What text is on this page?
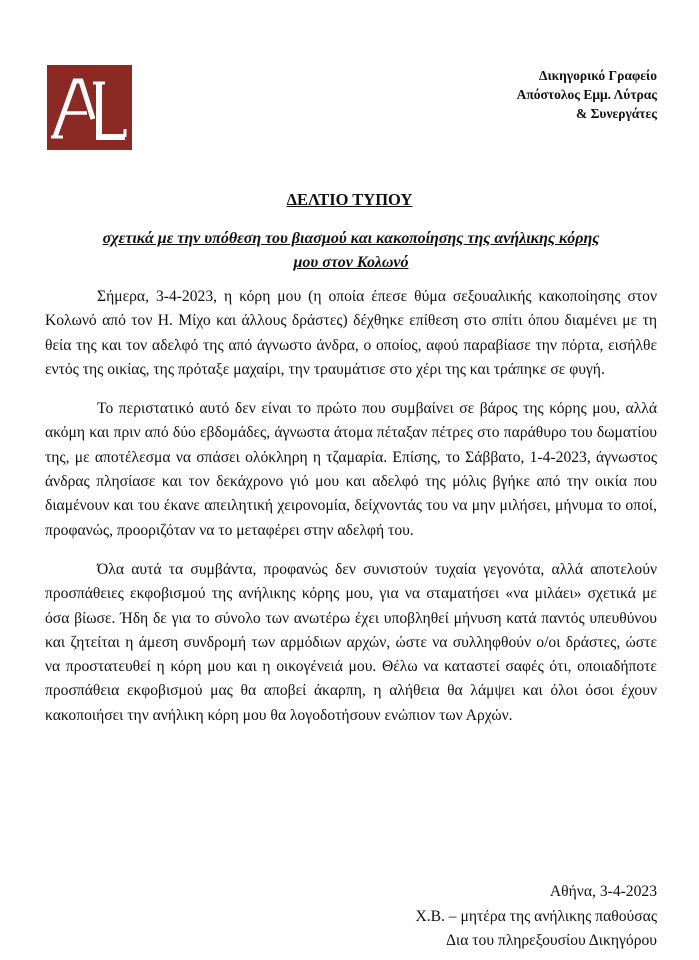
Δικηγορικό Γραφείο
Απόστολος Εμμ. Λύτρας
& Συνεργάτες
ΔΕΛΤΙΟ ΤΥΠΟΥ
σχετικά με την υπόθεση του βιασμού και κακοποίησης της ανήλικης κόρης
μου στον Κολωνό

Σήμερα, 3-4-2023, η κόρη μου (η οποία έπεσε θύμα σεξουαλικής κακοποίησης στον Κολωνό από τον Η. Μίχο και άλλους δράστες) δέχθηκε επίθεση στο σπίτι όπου διαμένει με τη θεία της και τον αδελφό της από άγνωστο άνδρα, ο οποίος, αφού παραβίασε την πόρτα, εισήλθε εντός της οικίας, της πρόταξε μαχαίρι, την τραυμάτισε στο χέρι της και τράπηκε σε φυγή.

Το περιστατικό αυτό δεν είναι το πρώτο που συμβαίνει σε βάρος της κόρης μου, αλλά ακόμη και πριν από δύο εβδομάδες, άγνωστα άτομα πέταξαν πέτρες στο παράθυρο του δωματίου της, με αποτέλεσμα να σπάσει ολόκληρη η τζαμαρία. Επίσης, το Σάββατο, 1-4-2023, άγνωστος άνδρας πλησίασε και τον δεκάχρονο γιό μου και αδελφό της μόλις βγήκε από την οικία που διαμένουν και του έκανε απειλητική χειρονομία, δείχνοντάς του να μην μιλήσει, μήνυμα το οποί, προφανώς, προοριζόταν να το μεταφέρει στην αδελφή του.

Όλα αυτά τα συμβάντα, προφανώς δεν συνιστούν τυχαία γεγονότα, αλλά αποτελούν προσπάθειες εκφοβισμού της ανήλικης κόρης μου, για να σταματήσει «να μιλάει» σχετικά με όσα βίωσε. Ήδη δε για το σύνολο των ανωτέρω έχει υποβληθεί μήνυση κατά παντός υπευθύνου και ζητείται η άμεση συνδρομή των αρμόδιων αρχών, ώστε να συλληφθούν ο/οι δράστες, ώστε να προστατευθεί η κόρη μου και η οικογένειά μου. Θέλω να καταστεί σαφές ότι, οποιαδήποτε προσπάθεια εκφοβισμού μας θα αποβεί άκαρπη, η αλήθεια θα λάμψει και όλοι όσοι έχουν κακοποιήσει την ανήλικη κόρη μου θα λογοδοτήσουν ενώπιον των Αρχών.

Αθήνα, 3-4-2023
Χ.Β. – μητέρα της ανήλικης παθούσας
Δια του πληρεξουσίου Δικηγόρου
